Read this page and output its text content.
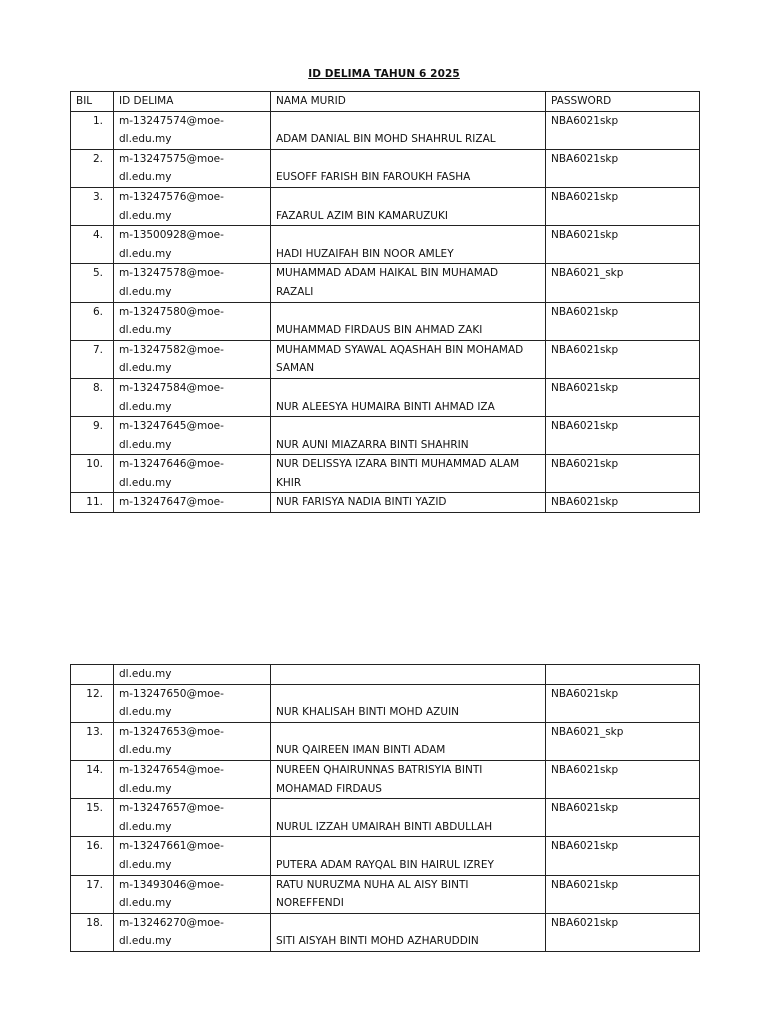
ID DELIMA TAHUN 6 2025
BIL	ID DELIMA	NAMA MURID	PASSWORD
1.	m-13247574@moe-
dl.edu.my	ADAM DANIAL BIN MOHD SHAHRUL RIZAL	NBA6021skp
2.	m-13247575@moe-
dl.edu.my	EUSOFF FARISH BIN FAROUKH FASHA	NBA6021skp
3.	m-13247576@moe-
dl.edu.my	FAZARUL AZIM BIN KAMARUZUKI	NBA6021skp
4.	m-13500928@moe-
dl.edu.my	HADI HUZAIFAH BIN NOOR AMLEY	NBA6021skp
5.	m-13247578@moe-
dl.edu.my	MUHAMMAD ADAM HAIKAL BIN MUHAMAD
RAZALI	NBA6021_skp
6.	m-13247580@moe-
dl.edu.my	MUHAMMAD FIRDAUS BIN AHMAD ZAKI	NBA6021skp
7.	m-13247582@moe-
dl.edu.my	MUHAMMAD SYAWAL AQASHAH BIN MOHAMAD
SAMAN	NBA6021skp
8.	m-13247584@moe-
dl.edu.my	NUR ALEESYA HUMAIRA BINTI AHMAD IZA	NBA6021skp
9.	m-13247645@moe-
dl.edu.my	NUR AUNI MIAZARRA BINTI SHAHRIN	NBA6021skp
10.	m-13247646@moe-
dl.edu.my	NUR DELISSYA IZARA BINTI MUHAMMAD ALAM
KHIR	NBA6021skp
11.	m-13247647@moe-	NUR FARISYA NADIA BINTI YAZID	NBA6021skp
	dl.edu.my		
12.	m-13247650@moe-
dl.edu.my	NUR KHALISAH BINTI MOHD AZUIN	NBA6021skp
13.	m-13247653@moe-
dl.edu.my	NUR QAIREEN IMAN BINTI ADAM	NBA6021_skp
14.	m-13247654@moe-
dl.edu.my	NUREEN QHAIRUNNAS BATRISYIA BINTI
MOHAMAD FIRDAUS	NBA6021skp
15.	m-13247657@moe-
dl.edu.my	NURUL IZZAH UMAIRAH BINTI ABDULLAH	NBA6021skp
16.	m-13247661@moe-
dl.edu.my	PUTERA ADAM RAYQAL BIN HAIRUL IZREY	NBA6021skp
17.	m-13493046@moe-
dl.edu.my	RATU NURUZMA NUHA AL AISY BINTI
NOREFFENDI	NBA6021skp
18.	m-13246270@moe-
dl.edu.my	SITI AISYAH BINTI MOHD AZHARUDDIN	NBA6021skp
